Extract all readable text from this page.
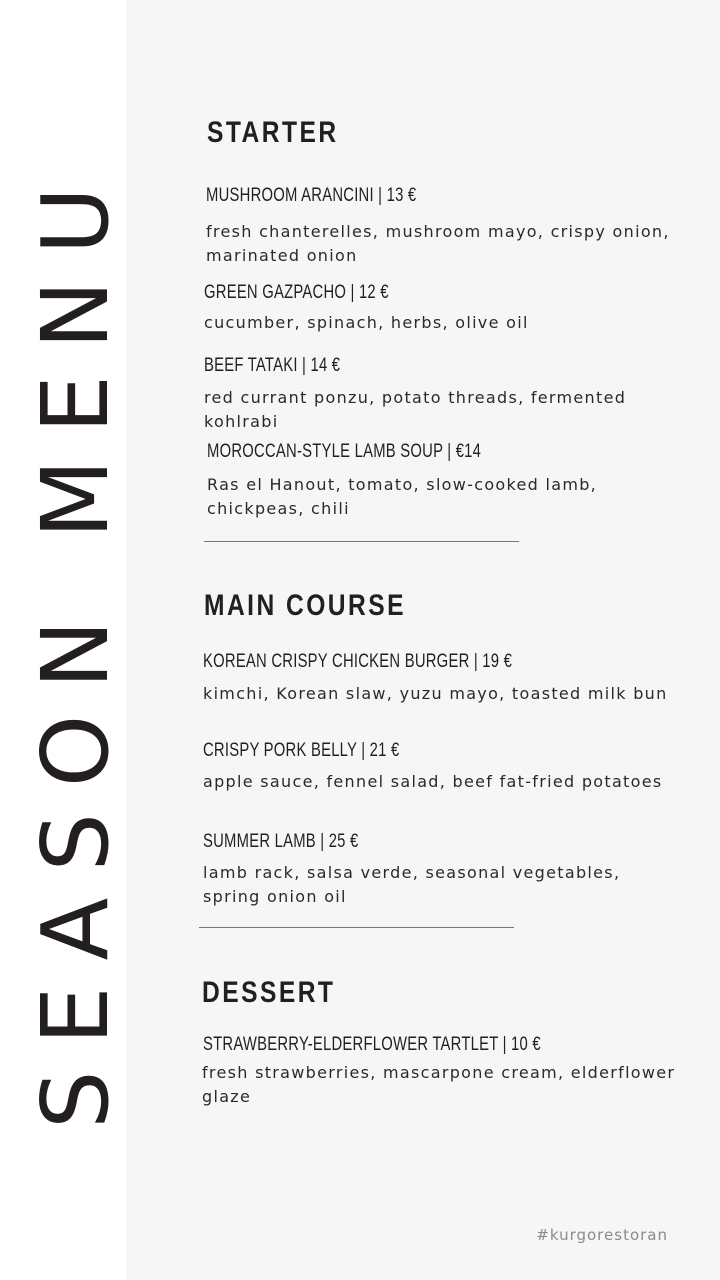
SEASON MENU
STARTER
MUSHROOM ARANCINI | 13 €
fresh chanterelles, mushroom mayo, crispy onion, marinated onion
GREEN GAZPACHO | 12 €
cucumber, spinach, herbs, olive oil
BEEF TATAKI | 14 €
red currant ponzu, potato threads, fermented kohlrabi
MOROCCAN-STYLE LAMB SOUP | €14
Ras el Hanout, tomato, slow-cooked lamb, chickpeas, chili
MAIN COURSE
KOREAN CRISPY CHICKEN BURGER | 19 €
kimchi, Korean slaw, yuzu mayo, toasted milk bun
CRISPY PORK BELLY | 21 €
apple sauce, fennel salad, beef fat-fried potatoes
SUMMER LAMB | 25 €
lamb rack, salsa verde, seasonal vegetables, spring onion oil
DESSERT
STRAWBERRY-ELDERFLOWER TARTLET | 10 €
fresh strawberries, mascarpone cream, elderflower glaze
#kurgorestoran
